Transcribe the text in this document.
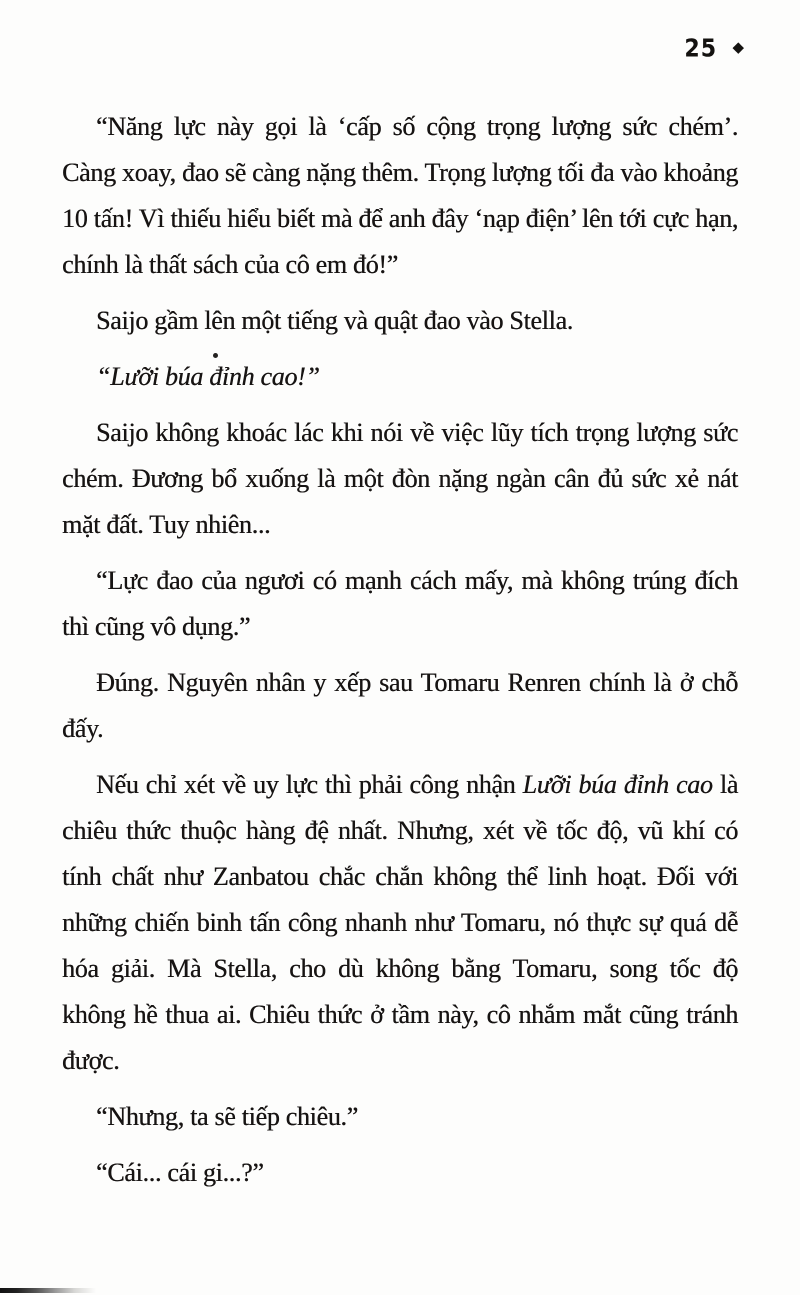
25 ◆

“Năng lực này gọi là ‘cấp số cộng trọng lượng sức chém’. Càng xoay, đao sẽ càng nặng thêm. Trọng lượng tối đa vào khoảng 10 tấn! Vì thiếu hiểu biết mà để anh đây ‘nạp điện’ lên tới cực hạn, chính là thất sách của cô em đó!”

Saijo gầm lên một tiếng và quật đao vào Stella.

“Lưỡi búa đỉnh cao!”

Saijo không khoác lác khi nói về việc lũy tích trọng lượng sức chém. Đương bổ xuống là một đòn nặng ngàn cân đủ sức xẻ nát mặt đất. Tuy nhiên...

“Lực đao của ngươi có mạnh cách mấy, mà không trúng đích thì cũng vô dụng.”

Đúng. Nguyên nhân y xếp sau Tomaru Renren chính là ở chỗ đấy.

Nếu chỉ xét về uy lực thì phải công nhận Lưỡi búa đỉnh cao là chiêu thức thuộc hàng đệ nhất. Nhưng, xét về tốc độ, vũ khí có tính chất như Zanbatou chắc chắn không thể linh hoạt. Đối với những chiến binh tấn công nhanh như Tomaru, nó thực sự quá dễ hóa giải. Mà Stella, cho dù không bằng Tomaru, song tốc độ không hề thua ai. Chiêu thức ở tầm này, cô nhắm mắt cũng tránh được.

“Nhưng, ta sẽ tiếp chiêu.”

“Cái... cái gi...?”
